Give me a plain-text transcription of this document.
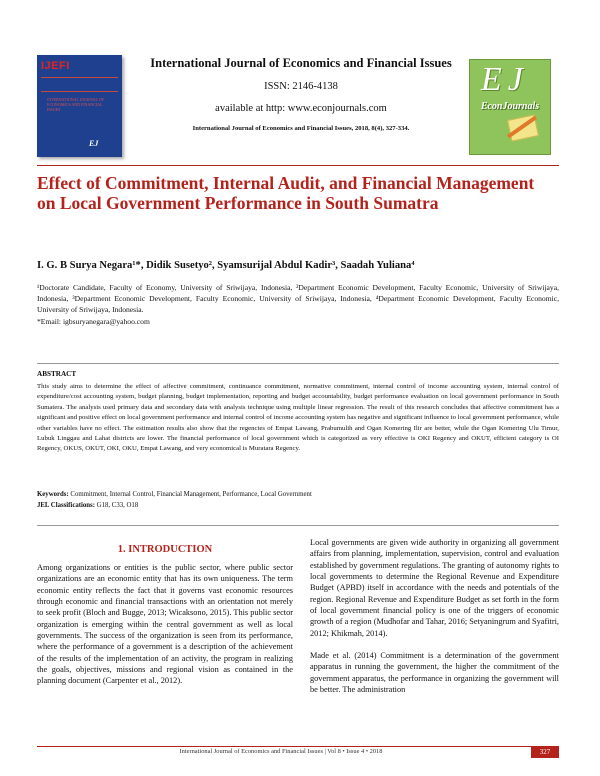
IJEFI
INTERNATIONAL JOURNAL OF
ECONOMICS AND FINANCIAL ISSUES
EJ
International Journal of Economics and Financial Issues
ISSN: 2146-4138
available at http: www.econjournals.com
International Journal of Economics and Financial Issues, 2018, 8(4), 327-334.
EJ
EconJournals
Effect of Commitment, Internal Audit, and Financial Management on Local Government Performance in South Sumatra
I. G. B Surya Negara¹*, Didik Susetyo², Syamsurijal Abdul Kadir³, Saadah Yuliana⁴
¹Doctorate Candidate, Faculty of Economy, University of Sriwijaya, Indonesia, ²Department Economic Development, Faculty Economic, University of Sriwijaya, Indonesia, ³Department Economic Development, Faculty Economic, University of Sriwijaya, Indonesia, ⁴Department Economic Development, Faculty Economic, University of Sriwijaya, Indonesia.
*Email: igbsuryanegara@yahoo.com
ABSTRACT
This study aims to determine the effect of affective commitment, continuance commitment, normative commitment, internal control of income accounting system, internal control of expenditure/cost accounting system, budget planning, budget implementation, reporting and budget accountability, budget performance evaluation on local government performance in South Sumatera. The analysis used primary data and secondary data with analysis technique using multiple linear regression. The result of this research concludes that affective commitment has a significant and positive effect on local government performance and internal control of income accounting system has negative and significant influence to local government performance, while other variables have no effect. The estimation results also show that the regencies of Empat Lawang, Prabumulih and Ogan Komering Ilir are better, while the Ogan Komering Ulu Timur, Lubuk Linggau and Lahat districts are lower. The financial performance of local government which is categorized as very effective is OKI Regency and OKUT, efficient category is OI Regency, OKUS, OKUT, OKI, OKU, Empat Lawang, and very economical is Muratara Regency.
Keywords: Commitment, Internal Control, Financial Management, Performance, Local Government
JEL Classifications: G18, C33, O18
1. INTRODUCTION
Among organizations or entities is the public sector, where public sector organizations are an economic entity that has its own uniqueness. The term economic entity reflects the fact that it governs vast economic resources through economic and financial transactions with an orientation not merely to seek profit (Bloch and Bugge, 2013; Wicaksono, 2015). This public sector organization is emerging within the central government as well as local governments. The success of the organization is seen from its performance, where the performance of a government is a description of the achievement of the results of the implementation of an activity, the program in realizing the goals, objectives, missions and regional vision as contained in the planning document (Carpenter et al., 2012).

Local governments are given wide authority in organizing all government affairs from planning, implementation, supervision, control and evaluation established by government regulations. The granting of autonomy rights to local governments to determine the Regional Revenue and Expenditure Budget (APBD) itself in accordance with the needs and potentials of the region. Regional Revenue and Expenditure Budget as set forth in the form of local government financial policy is one of the triggers of economic growth of a region (Mudhofar and Tahar, 2016; Setyaningrum and Syafitri, 2012; Khikmah, 2014).

Made et al. (2014) Commitment is a determination of the government apparatus in running the government, the higher the commitment of the government apparatus, the performance in organizing the government will be better. The administration

International Journal of Economics and Financial Issues | Vol 8 • Issue 4 • 2018	327
